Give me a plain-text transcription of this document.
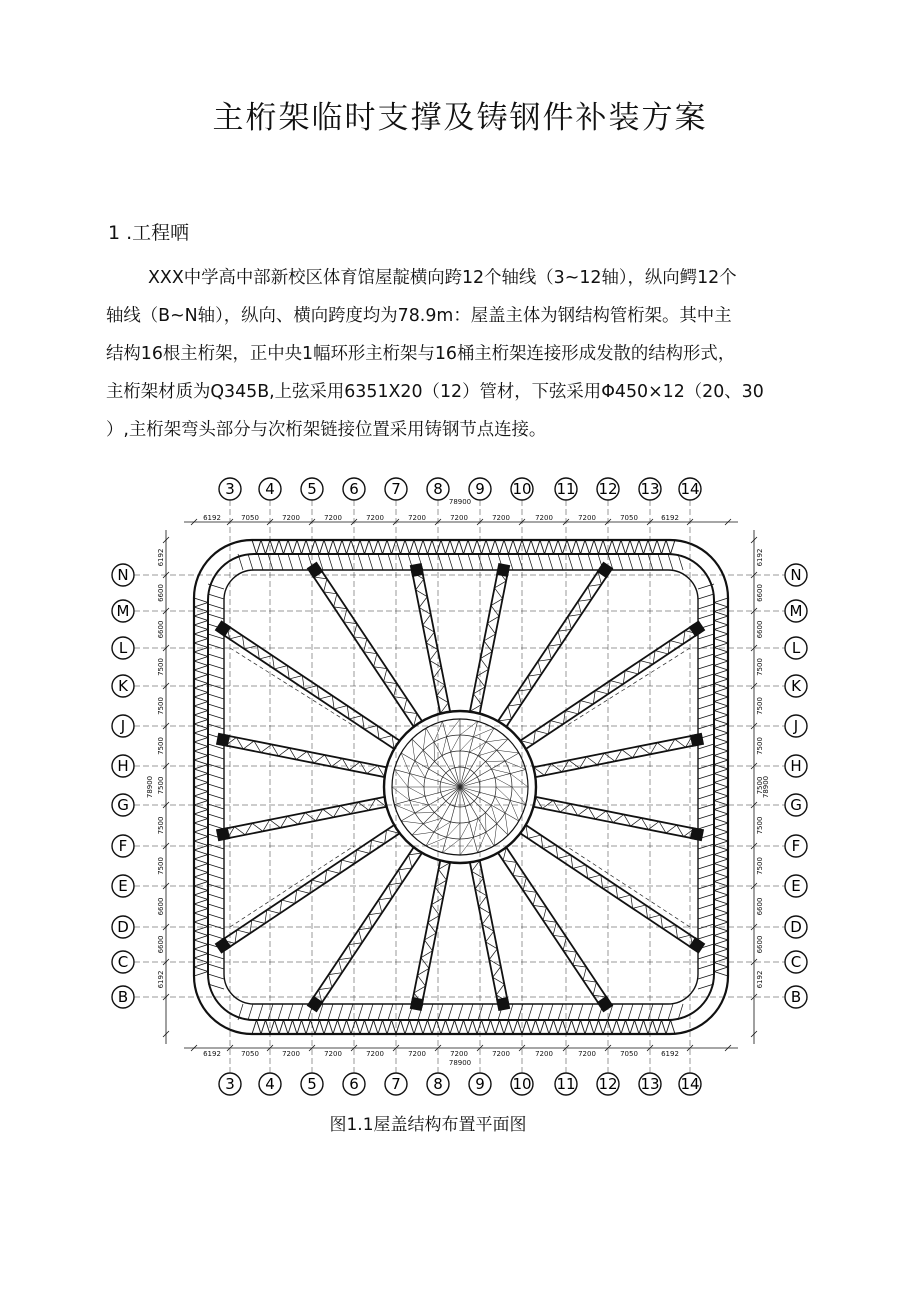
主桁架临时支撑及铸钢件补装方案
1 .工程哂
XXX中学高中部新校区体育馆屋靛横向跨12个轴线（3~12轴），纵向鳄12个
轴线（B~N轴），纵向、横向跨度均为78.9m：屋盖主体为钢结构管桁架。其中主
结构16根主桁架，正中央1幅环形主桁架与16桶主桁架连接形成发散的结构形式，
主桁架材质为Q345B,上弦采用6351X20（12）管材，下弦采用Φ450×12（20、30
）,主桁架弯头部分与次桁架链接位置采用铸钢节点连接。
3
3
4
4
5
5
6
6
7
7
8
8
9
9
10
10
11
11
12
12
13
13
14
14
N	N
M	M
L	L
K	K
J	J
H	H
G	G
F	F
E	E
D	D
C	C
B	B
6192	7050	7200	7200	7200	7200	7200	7200	7200	7200	7050	6192
78900
6192	7050	7200	7200	7200	7200	7200	7200	7200	7200	7050	6192
78900
6192
6600
6600
7500
7500
7500
7500
7500
7500
6600
6600
6192
78900
6192
6600
6600
7500
7500
7500
7500
7500
7500
6600
6600
6192
78900

图1.1屋盖结构布置平面图
